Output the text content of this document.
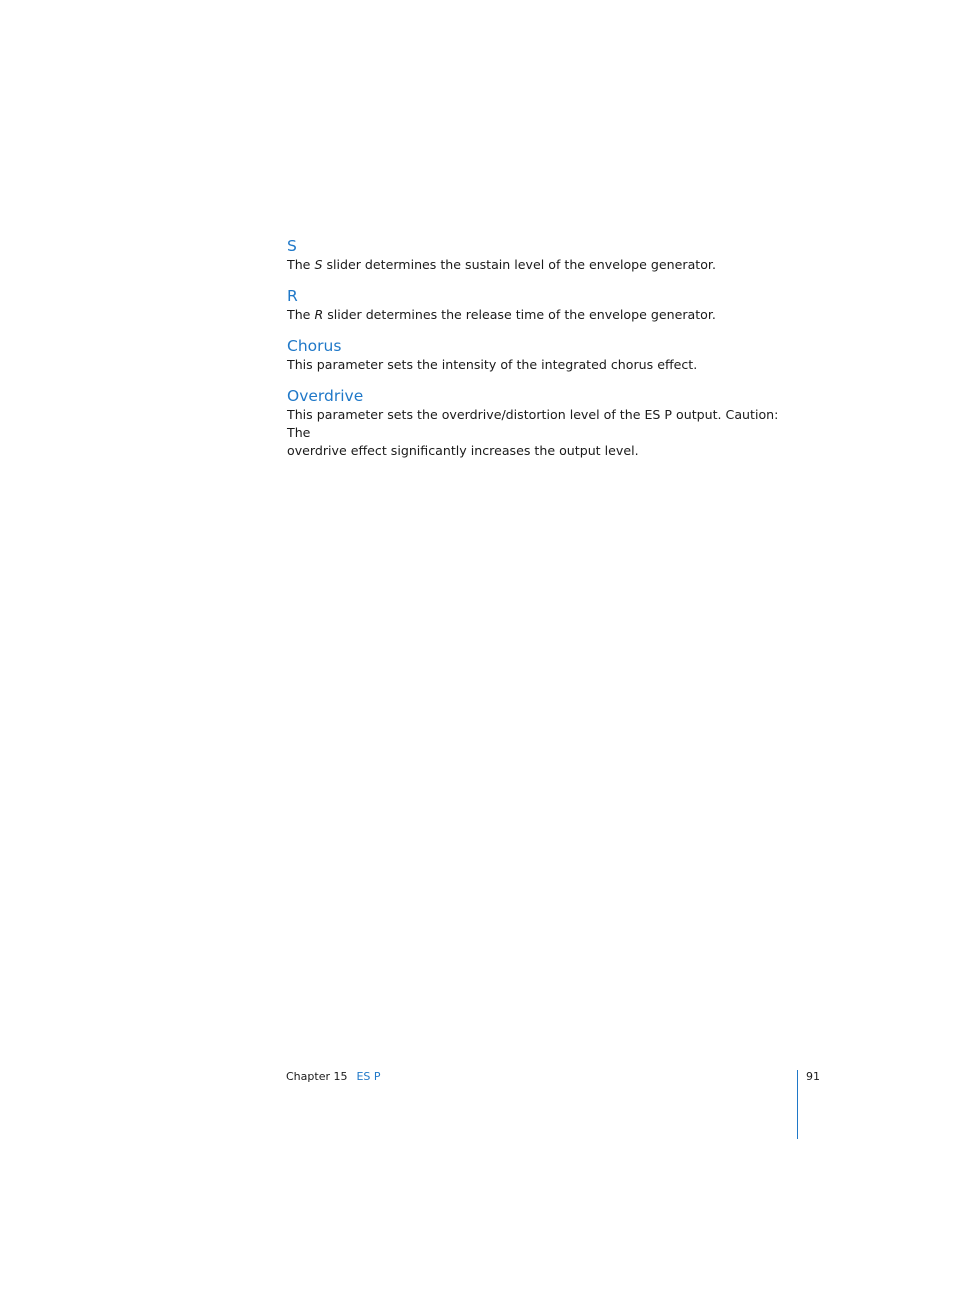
S

The S slider determines the sustain level of the envelope generator.

R

The R slider determines the release time of the envelope generator.

Chorus

This parameter sets the intensity of the integrated chorus effect.

Overdrive

This parameter sets the overdrive/distortion level of the ES P output. Caution: The
overdrive effect significantly increases the output level.

Chapter 15 ES P	91
